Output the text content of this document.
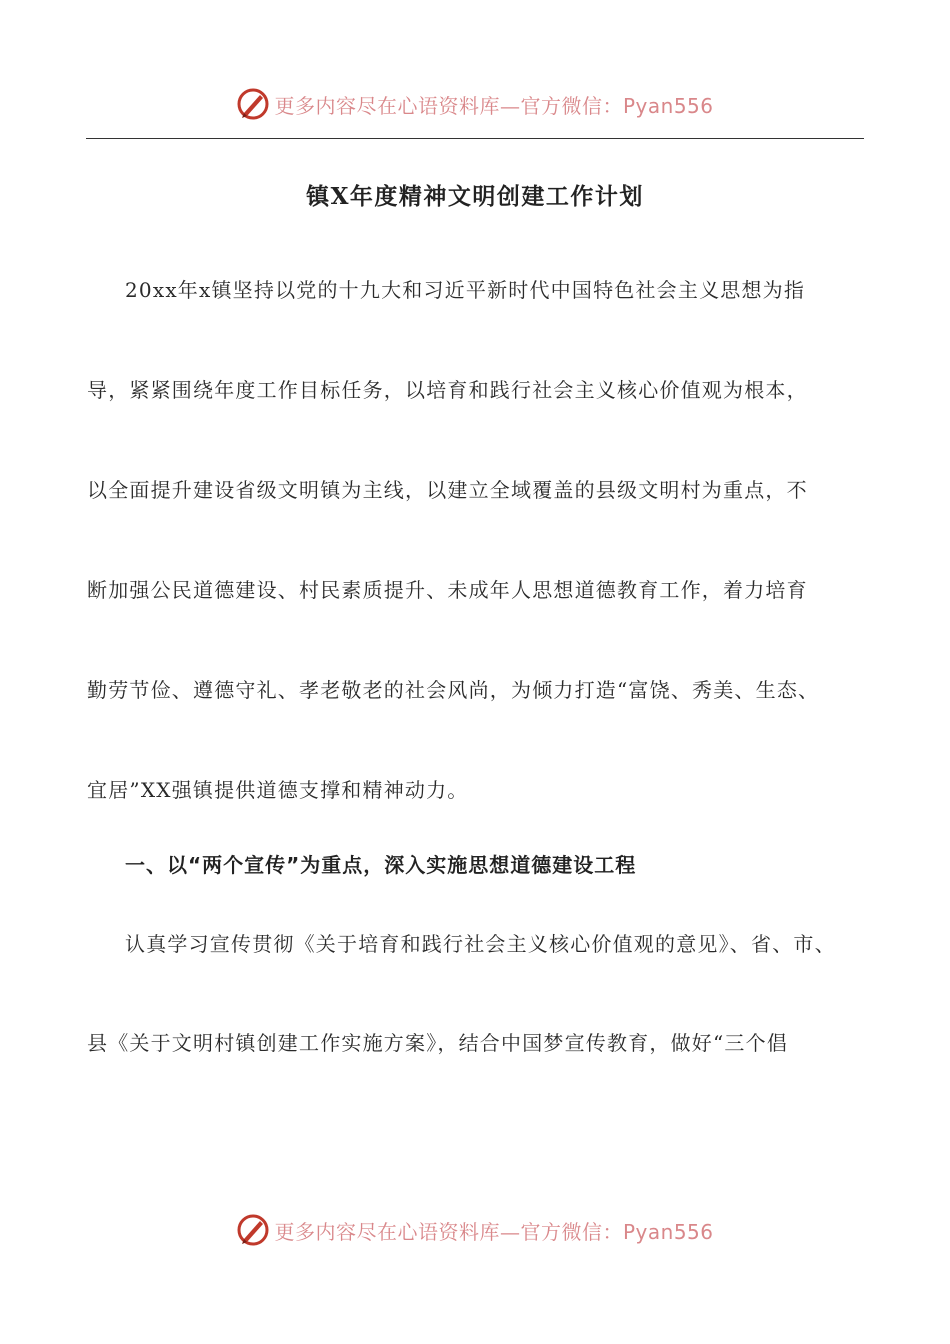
更多内容尽在心语资料库—官方微信：Pyan556
镇X年度精神文明创建工作计划
20xx年x镇坚持以党的十九大和习近平新时代中国特色社会主义思想为指
导，紧紧围绕年度工作目标任务，以培育和践行社会主义核心价值观为根本，
以全面提升建设省级文明镇为主线，以建立全域覆盖的县级文明村为重点，不
断加强公民道德建设、村民素质提升、未成年人思想道德教育工作，着力培育
勤劳节俭、遵德守礼、孝老敬老的社会风尚，为倾力打造“富饶、秀美、生态、
宜居”XX强镇提供道德支撑和精神动力。
一、以“两个宣传”为重点，深入实施思想道德建设工程
认真学习宣传贯彻《关于培育和践行社会主义核心价值观的意见》、省、市、
县《关于文明村镇创建工作实施方案》，结合中国梦宣传教育，做好“三个倡
更多内容尽在心语资料库—官方微信：Pyan556
